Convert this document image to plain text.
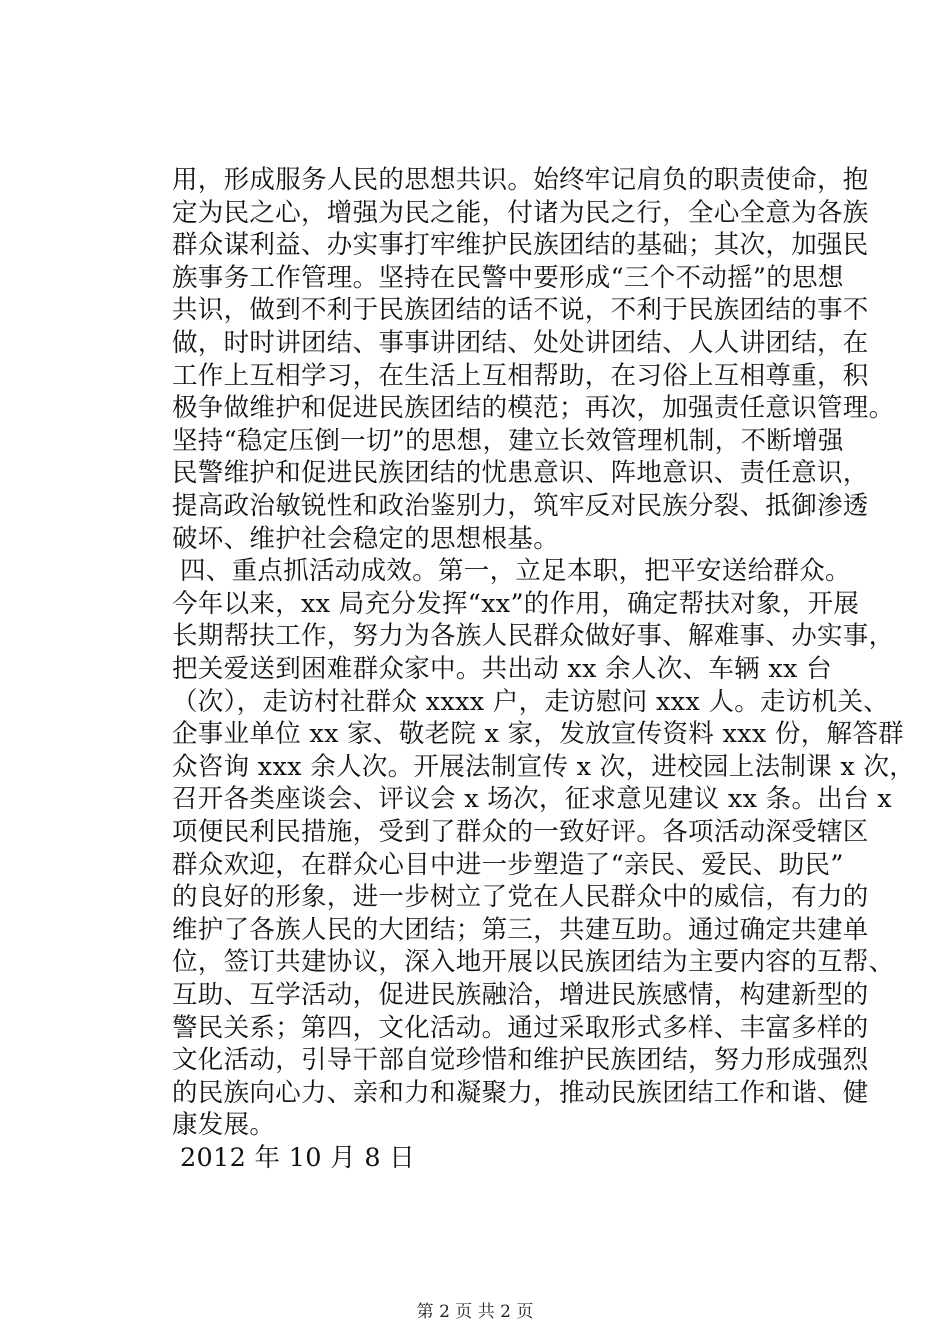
用，形成服务人民的思想共识。始终牢记肩负的职责使命，抱
定为民之心，增强为民之能，付诸为民之行，全心全意为各族
群众谋利益、办实事打牢维护民族团结的基础；其次，加强民
族事务工作管理。坚持在民警中要形成“三个不动摇”的思想
共识，做到不利于民族团结的话不说，不利于民族团结的事不
做，时时讲团结、事事讲团结、处处讲团结、人人讲团结，在
工作上互相学习，在生活上互相帮助，在习俗上互相尊重，积
极争做维护和促进民族团结的模范；再次，加强责任意识管理。
坚持“稳定压倒一切”的思想，建立长效管理机制，不断增强
民警维护和促进民族团结的忧患意识、阵地意识、责任意识，
提高政治敏锐性和政治鉴别力，筑牢反对民族分裂、抵御渗透
破坏、维护社会稳定的思想根基。
四、重点抓活动成效。第一，立足本职，把平安送给群众。
今年以来，xx 局充分发挥“xx”的作用，确定帮扶对象，开展
长期帮扶工作，努力为各族人民群众做好事、解难事、办实事，
把关爱送到困难群众家中。共出动 xx 余人次、车辆 xx 台
（次），走访村社群众 xxxx 户，走访慰问 xxx 人。走访机关、
企事业单位 xx 家、敬老院 x 家，发放宣传资料 xxx 份，解答群
众咨询 xxx 余人次。开展法制宣传 x 次，进校园上法制课 x 次，
召开各类座谈会、评议会 x 场次，征求意见建议 xx 条。出台 x
项便民利民措施，受到了群众的一致好评。各项活动深受辖区
群众欢迎，在群众心目中进一步塑造了“亲民、爱民、助民”
的良好的形象，进一步树立了党在人民群众中的威信，有力的
维护了各族人民的大团结；第三，共建互助。通过确定共建单
位，签订共建协议，深入地开展以民族团结为主要内容的互帮、
互助、互学活动，促进民族融洽，增进民族感情，构建新型的
警民关系；第四，文化活动。通过采取形式多样、丰富多样的
文化活动，引导干部自觉珍惜和维护民族团结，努力形成强烈
的民族向心力、亲和力和凝聚力，推动民族团结工作和谐、健
康发展。
2012 年 10 月 8 日
第 2 页 共 2 页
